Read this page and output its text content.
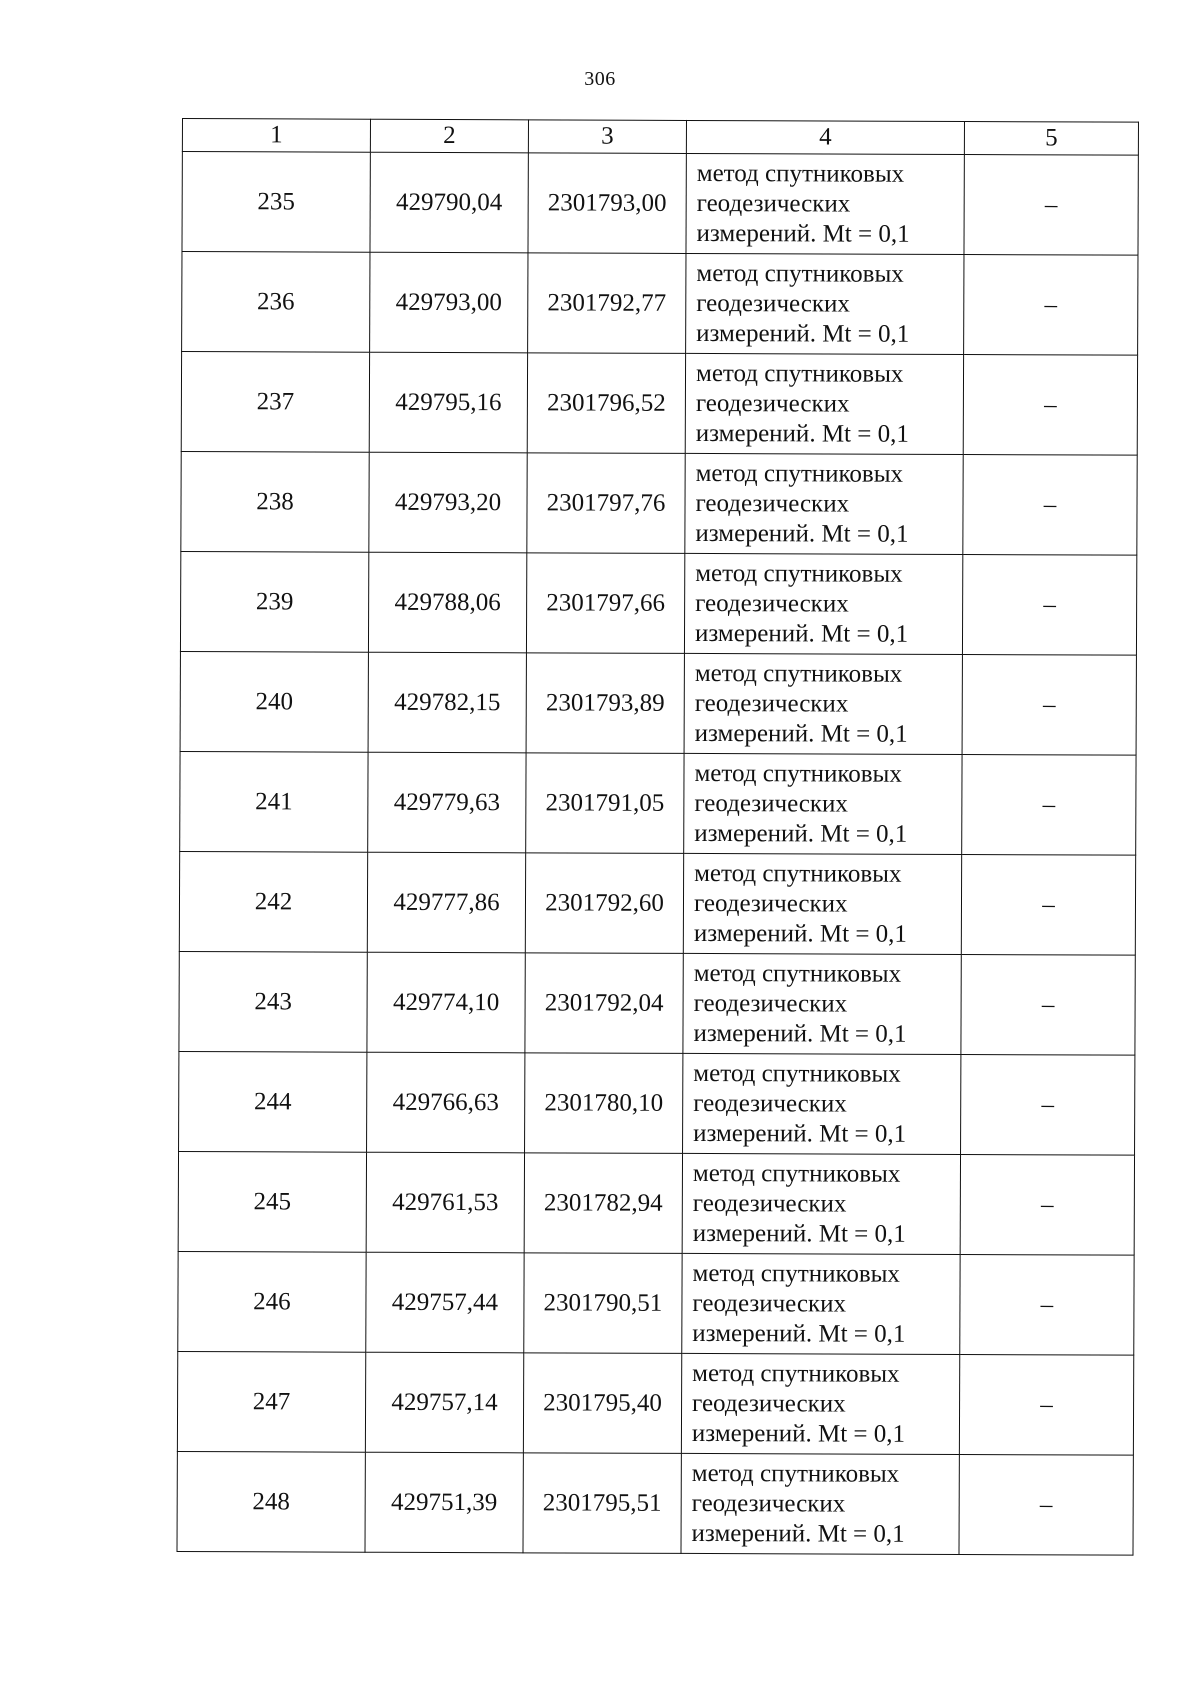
306
1	2	3	4	5
235	429790,04	2301793,00	метод спутниковых
геодезических
измерений. Mt = 0,1	–
236	429793,00	2301792,77	метод спутниковых
геодезических
измерений. Mt = 0,1	–
237	429795,16	2301796,52	метод спутниковых
геодезических
измерений. Mt = 0,1	–
238	429793,20	2301797,76	метод спутниковых
геодезических
измерений. Mt = 0,1	–
239	429788,06	2301797,66	метод спутниковых
геодезических
измерений. Mt = 0,1	–
240	429782,15	2301793,89	метод спутниковых
геодезических
измерений. Mt = 0,1	–
241	429779,63	2301791,05	метод спутниковых
геодезических
измерений. Mt = 0,1	–
242	429777,86	2301792,60	метод спутниковых
геодезических
измерений. Mt = 0,1	–
243	429774,10	2301792,04	метод спутниковых
геодезических
измерений. Mt = 0,1	–
244	429766,63	2301780,10	метод спутниковых
геодезических
измерений. Mt = 0,1	–
245	429761,53	2301782,94	метод спутниковых
геодезических
измерений. Mt = 0,1	–
246	429757,44	2301790,51	метод спутниковых
геодезических
измерений. Mt = 0,1	–
247	429757,14	2301795,40	метод спутниковых
геодезических
измерений. Mt = 0,1	–
248	429751,39	2301795,51	метод спутниковых
геодезических
измерений. Mt = 0,1	–
